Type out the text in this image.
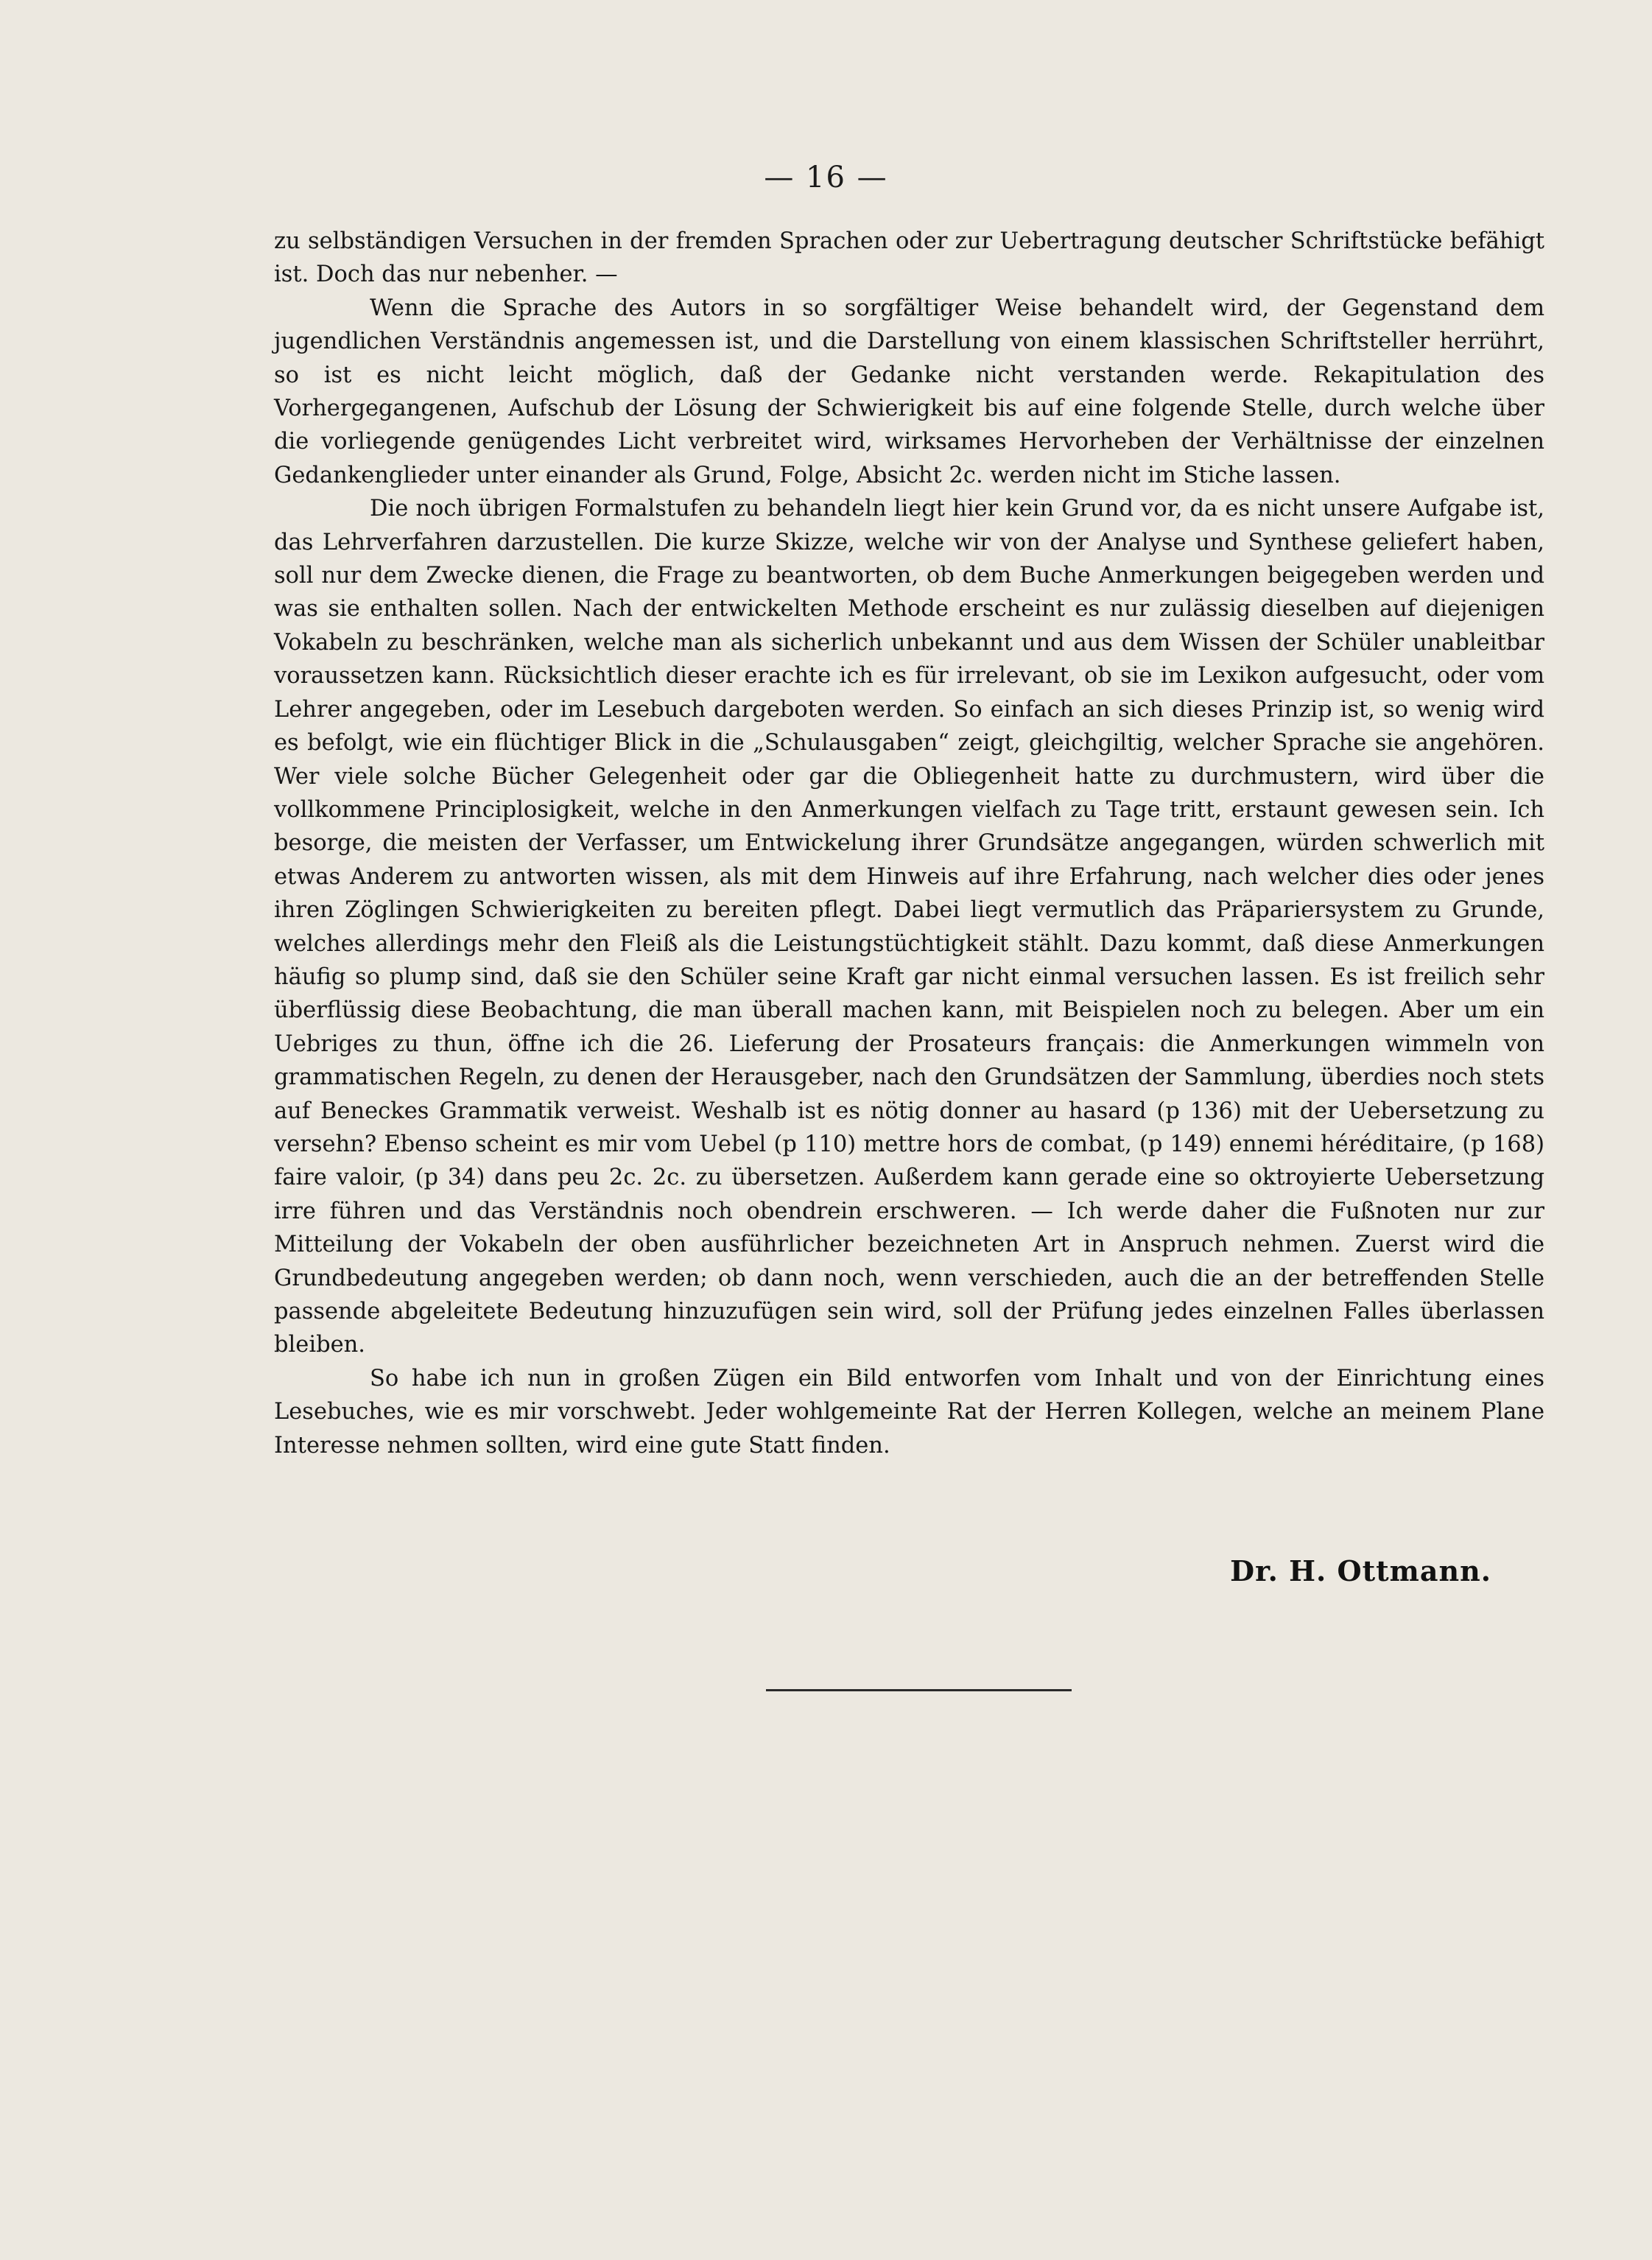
— 16 —

zu selbständigen Versuchen in der fremden Sprachen oder zur Uebertragung deutscher Schriftstücke befähigt ist. Doch das nur nebenher. —

Wenn die Sprache des Autors in so sorgfältiger Weise behandelt wird, der Gegenstand dem jugendlichen Verständnis angemessen ist, und die Darstellung von einem klassischen Schriftsteller herrührt, so ist es nicht leicht möglich, daß der Gedanke nicht verstanden werde. Rekapitulation des Vorhergegangenen, Aufschub der Lösung der Schwierigkeit bis auf eine folgende Stelle, durch welche über die vorliegende genügendes Licht verbreitet wird, wirksames Hervorheben der Verhältnisse der einzelnen Gedankenglieder unter einander als Grund, Folge, Absicht 2c. werden nicht im Stiche lassen.

Die noch übrigen Formalstufen zu behandeln liegt hier kein Grund vor, da es nicht unsere Aufgabe ist, das Lehrverfahren darzustellen. Die kurze Skizze, welche wir von der Analyse und Synthese geliefert haben, soll nur dem Zwecke dienen, die Frage zu beantworten, ob dem Buche Anmerkungen beigegeben werden und was sie enthalten sollen. Nach der entwickelten Methode erscheint es nur zulässig dieselben auf diejenigen Vokabeln zu beschränken, welche man als sicherlich unbekannt und aus dem Wissen der Schüler unableitbar voraussetzen kann. Rücksichtlich dieser erachte ich es für irrelevant, ob sie im Lexikon aufgesucht, oder vom Lehrer angegeben, oder im Lesebuch dargeboten werden. So einfach an sich dieses Prinzip ist, so wenig wird es befolgt, wie ein flüchtiger Blick in die „Schulausgaben“ zeigt, gleichgiltig, welcher Sprache sie angehören. Wer viele solche Bücher Gelegenheit oder gar die Obliegenheit hatte zu durchmustern, wird über die vollkommene Principlosigkeit, welche in den Anmerkungen vielfach zu Tage tritt, erstaunt gewesen sein. Ich besorge, die meisten der Verfasser, um Entwickelung ihrer Grundsätze angegangen, würden schwerlich mit etwas Anderem zu antworten wissen, als mit dem Hinweis auf ihre Erfahrung, nach welcher dies oder jenes ihren Zöglingen Schwierigkeiten zu bereiten pflegt. Dabei liegt vermutlich das Präpariersystem zu Grunde, welches allerdings mehr den Fleiß als die Leistungstüchtigkeit stählt. Dazu kommt, daß diese Anmerkungen häufig so plump sind, daß sie den Schüler seine Kraft gar nicht einmal versuchen lassen. Es ist freilich sehr überflüssig diese Beobachtung, die man überall machen kann, mit Beispielen noch zu belegen. Aber um ein Uebriges zu thun, öffne ich die 26. Lieferung der Prosateurs français: die Anmerkungen wimmeln von grammatischen Regeln, zu denen der Herausgeber, nach den Grundsätzen der Sammlung, überdies noch stets auf Beneckes Grammatik verweist. Weshalb ist es nötig donner au hasard (p 136) mit der Uebersetzung zu versehn? Ebenso scheint es mir vom Uebel (p 110) mettre hors de combat, (p 149) ennemi héréditaire, (p 168) faire valoir, (p 34) dans peu 2c. 2c. zu übersetzen. Außerdem kann gerade eine so oktroyierte Uebersetzung irre führen und das Verständnis noch obendrein erschweren. — Ich werde daher die Fußnoten nur zur Mitteilung der Vokabeln der oben ausführlicher bezeichneten Art in Anspruch nehmen. Zuerst wird die Grundbedeutung angegeben werden; ob dann noch, wenn verschieden, auch die an der betreffenden Stelle passende abgeleitete Bedeutung hinzuzufügen sein wird, soll der Prüfung jedes einzelnen Falles überlassen bleiben.

So habe ich nun in großen Zügen ein Bild entworfen vom Inhalt und von der Einrichtung eines Lesebuches, wie es mir vorschwebt. Jeder wohlgemeinte Rat der Herren Kollegen, welche an meinem Plane Interesse nehmen sollten, wird eine gute Statt finden.

Dr. H. Ottmann.
